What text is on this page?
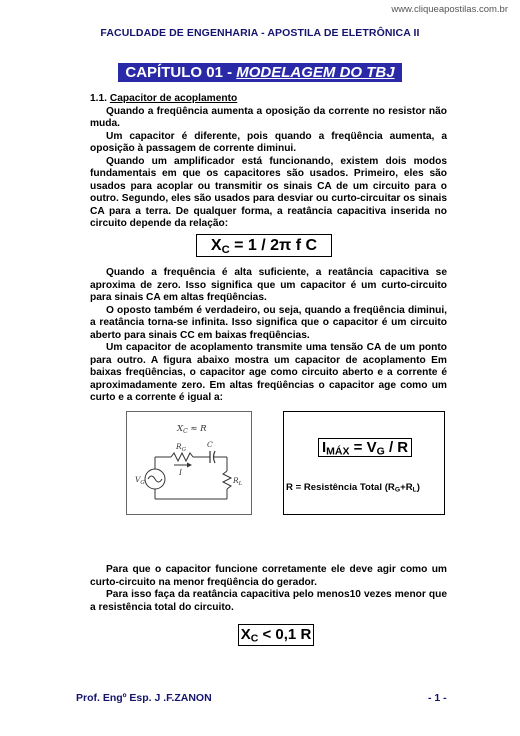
www.cliqueapostilas.com.br
FACULDADE DE ENGENHARIA - APOSTILA DE ELETRÔNICA II
CAPÍTULO 01 - MODELAGEM DO TBJ

1.1. Capacitor de acoplamento

Quando a freqüência aumenta a oposição da corrente no resistor não muda.

Um capacitor é diferente, pois quando a freqüência aumenta, a oposição à passagem de corrente diminui.

Quando um amplificador está funcionando, existem dois modos fundamentais em que os capacitores são usados. Primeiro, eles são usados para acoplar ou transmitir os sinais CA de um circuito para o outro. Segundo, eles são usados para desviar ou curto-circuitar os sinais CA para a terra. De qualquer forma, a reatância capacitiva inserida no circuito depende da relação:

$X_C = 1 / 2\pi$ f C

Quando a frequência é alta suficiente, a reatância capacitiva se aproxima de zero. Isso significa que um capacitor é um curto-circuito para sinais CA em altas freqüências.

O oposto também é verdadeiro, ou seja, quando a freqüência diminui, a reatância torna-se infinita. Isso significa que o capacitor é um circuito aberto para sinais CC em baixas freqüências.

Um capacitor de acoplamento transmite uma tensão CA de um ponto para outro. A figura abaixo mostra um capacitor de acoplamento Em baixas freqüências, o capacitor age como circuito aberto e a corrente é aproximadamente zero. Em altas freqüências o capacitor age como um curto e a corrente é igual a:

$X_C \approx R$
$R_G$
C
I
$V_G$	$R_L$
$I_{MÁX} = V_G / R$
R = Resistência Total $(R_G+R_L)$

Para que o capacitor funcione corretamente ele deve agir como um curto-circuito na menor freqüência do gerador.

Para isso faça da reatância capacitiva pelo menos10 vezes menor que a resistência total do circuito.

$X_C < 0,1$ R
Prof. Engº Esp. J .F.ZANON	- 1 -
